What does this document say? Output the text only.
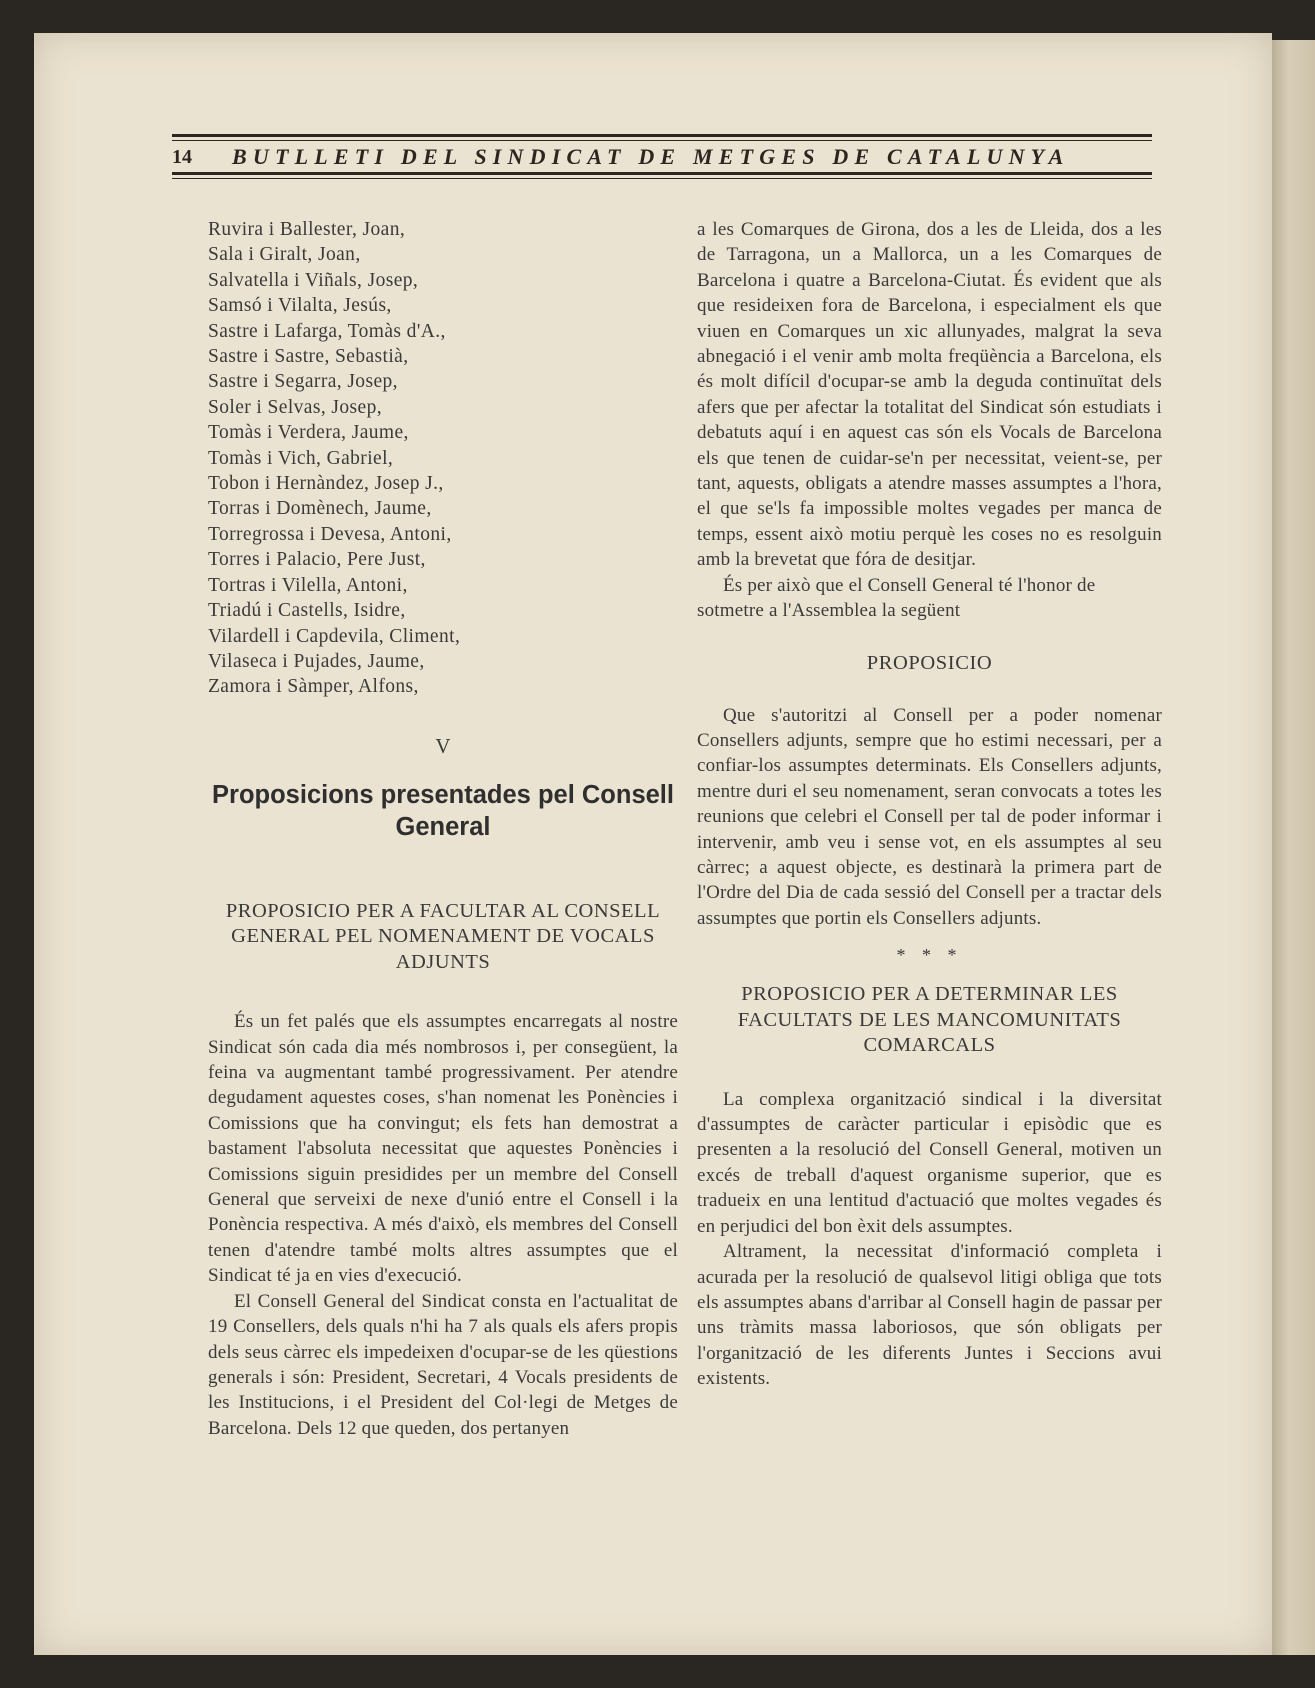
14	BUTLLETI DEL SINDICAT DE METGES DE CATALUNYA
Ruvira i Ballester, Joan,
Sala i Giralt, Joan,
Salvatella i Viñals, Josep,
Samsó i Vilalta, Jesús,
Sastre i Lafarga, Tomàs d'A.,
Sastre i Sastre, Sebastià,
Sastre i Segarra, Josep,
Soler i Selvas, Josep,
Tomàs i Verdera, Jaume,
Tomàs i Vich, Gabriel,
Tobon i Hernàndez, Josep J.,
Torras i Domènech, Jaume,
Torregrossa i Devesa, Antoni,
Torres i Palacio, Pere Just,
Tortras i Vilella, Antoni,
Triadú i Castells, Isidre,
Vilardell i Capdevila, Climent,
Vilaseca i Pujades, Jaume,
Zamora i Sàmper, Alfons,
V
Proposicions presentades pel Consell General
PROPOSICIO PER A FACULTAR AL CONSELL GENERAL PEL NOMENAMENT DE VOCALS ADJUNTS

És un fet palés que els assumptes encarregats al nostre Sindicat són cada dia més nombrosos i, per consegüent, la feina va augmentant també progressivament. Per atendre degudament aquestes coses, s'han nomenat les Ponències i Comissions que ha convingut; els fets han demostrat a bastament l'absoluta necessitat que aquestes Ponències i Comissions siguin presidides per un membre del Consell General que serveixi de nexe d'unió entre el Consell i la Ponència respectiva. A més d'això, els membres del Consell tenen d'atendre també molts altres assumptes que el Sindicat té ja en vies d'execució.

El Consell General del Sindicat consta en l'actualitat de 19 Consellers, dels quals n'hi ha 7 als quals els afers propis dels seus càrrec els impedeixen d'ocupar-se de les qüestions generals i són: President, Secretari, 4 Vocals presidents de les Institucions, i el President del Col·legi de Metges de Barcelona. Dels 12 que queden, dos pertanyen

a les Comarques de Girona, dos a les de Lleida, dos a les de Tarragona, un a Mallorca, un a les Comarques de Barcelona i quatre a Barcelona-Ciutat. És evident que als que resideixen fora de Barcelona, i especialment els que viuen en Comarques un xic allunyades, malgrat la seva abnegació i el venir amb molta freqüència a Barcelona, els és molt difícil d'ocupar-se amb la deguda continuïtat dels afers que per afectar la totalitat del Sindicat són estudiats i debatuts aquí i en aquest cas són els Vocals de Barcelona els que tenen de cuidar-se'n per necessitat, veient-se, per tant, aquests, obligats a atendre masses assumptes a l'hora, el que se'ls fa impossible moltes vegades per manca de temps, essent això motiu perquè les coses no es resolguin amb la brevetat que fóra de desitjar.

És per això que el Consell General té l'honor de sotmetre a l'Assemblea la següent

PROPOSICIO

Que s'autoritzi al Consell per a poder nomenar Consellers adjunts, sempre que ho estimi necessari, per a confiar-los assumptes determinats. Els Consellers adjunts, mentre duri el seu nomenament, seran convocats a totes les reunions que celebri el Consell per tal de poder informar i intervenir, amb veu i sense vot, en els assumptes al seu càrrec; a aquest objecte, es destinarà la primera part de l'Ordre del Dia de cada sessió del Consell per a tractar dels assumptes que portin els Consellers adjunts.

* * *
PROPOSICIO PER A DETERMINAR LES FACULTATS DE LES MANCOMUNITATS COMARCALS

La complexa organització sindical i la diversitat d'assumptes de caràcter particular i episòdic que es presenten a la resolució del Consell General, motiven un excés de treball d'aquest organisme superior, que es tradueix en una lentitud d'actuació que moltes vegades és en perjudici del bon èxit dels assumptes.

Altrament, la necessitat d'informació completa i acurada per la resolució de qualsevol litigi obliga que tots els assumptes abans d'arribar al Consell hagin de passar per uns tràmits massa laboriosos, que són obligats per l'organització de les diferents Juntes i Seccions avui existents.
